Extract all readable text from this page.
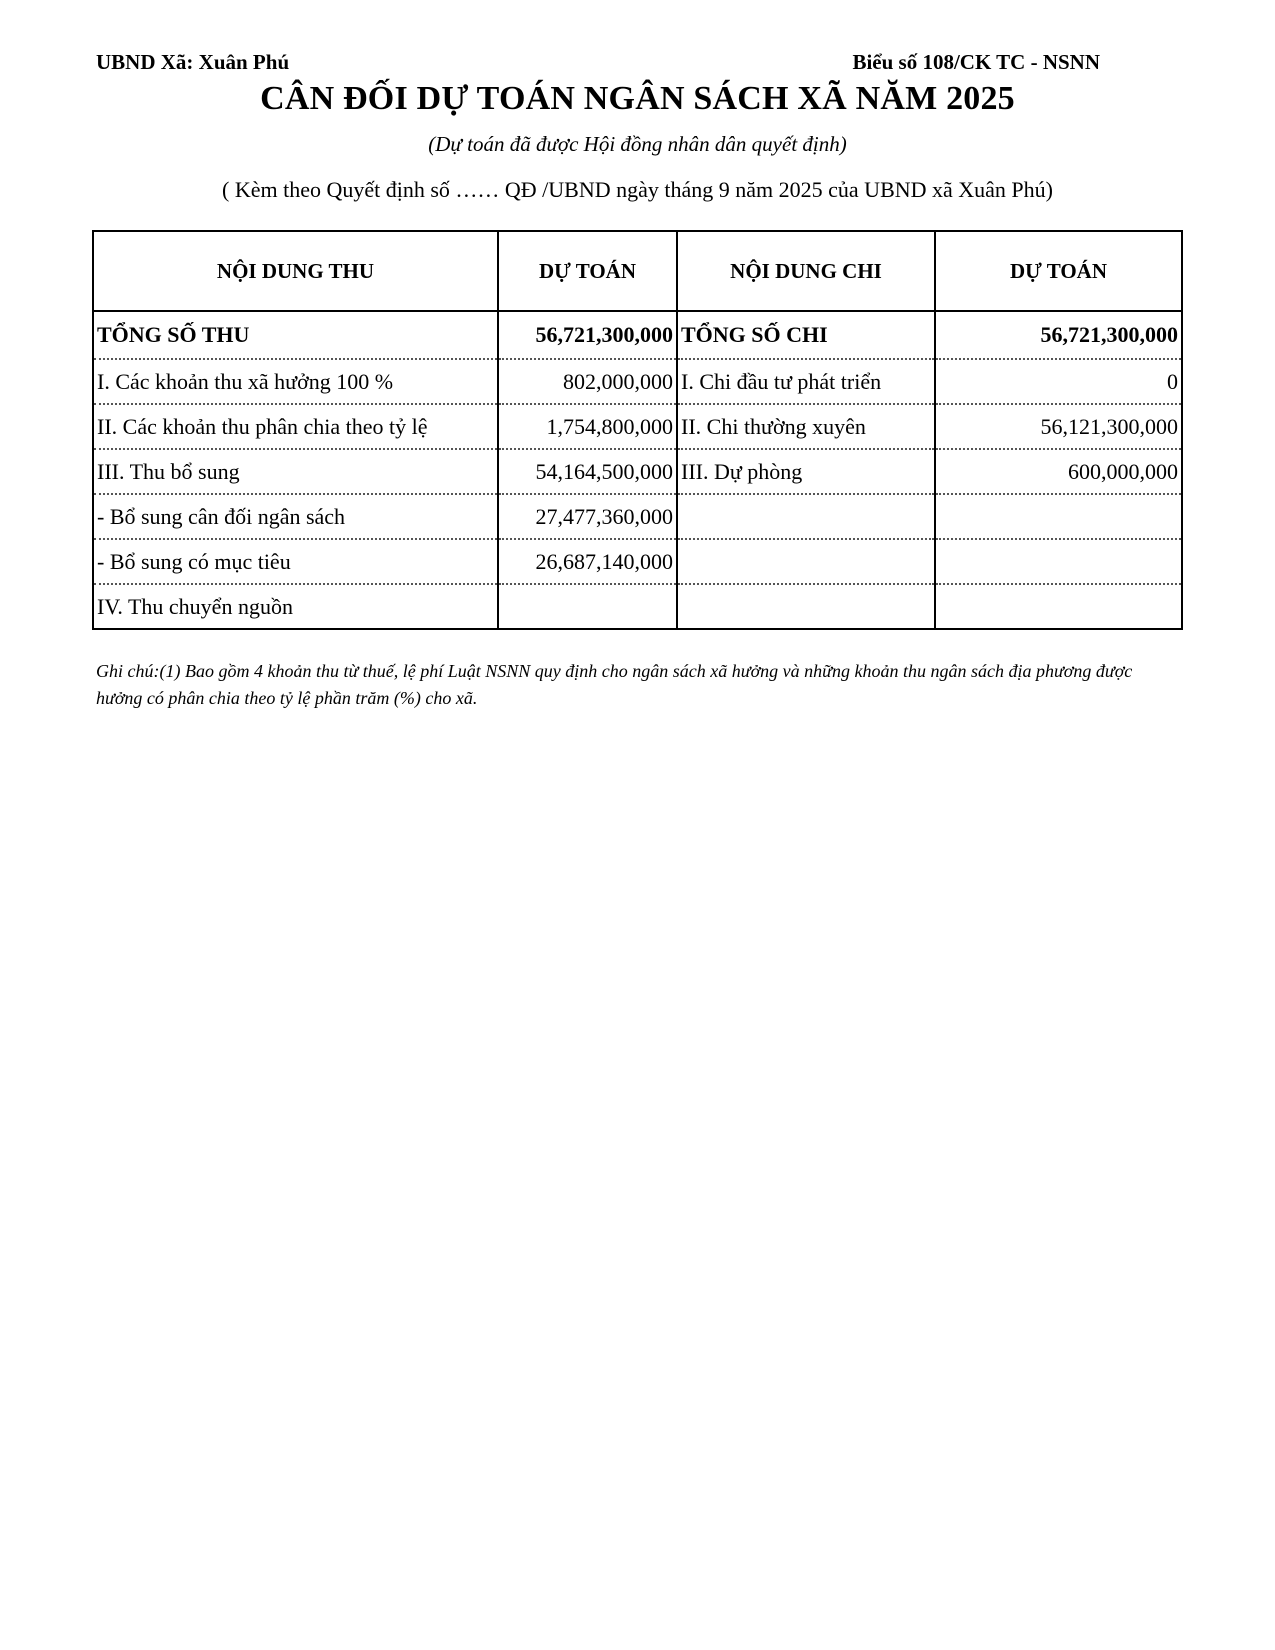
UBND Xã: Xuân Phú	Biểu số 108/CK TC - NSNN
CÂN ĐỐI DỰ TOÁN NGÂN SÁCH XÃ NĂM 2025
(Dự toán đã được Hội đồng nhân dân quyết định)
( Kèm theo Quyết định số …… QĐ /UBND ngày tháng 9 năm 2025 của UBND xã Xuân Phú)
NỘI DUNG THU	DỰ TOÁN	NỘI DUNG CHI	DỰ TOÁN
TỔNG SỐ THU	56,721,300,000	TỔNG SỐ CHI	56,721,300,000
I. Các khoản thu xã hưởng 100 %	802,000,000	I. Chi đầu tư phát triển	0
II. Các khoản thu phân chia theo tỷ lệ	1,754,800,000	II. Chi thường xuyên	56,121,300,000
III. Thu bổ sung	54,164,500,000	III. Dự phòng	600,000,000
- Bổ sung cân đối ngân sách	27,477,360,000		
- Bổ sung có mục tiêu	26,687,140,000		
IV. Thu chuyển nguồn			
Ghi chú:(1) Bao gồm 4 khoản thu từ thuế, lệ phí Luật NSNN quy định cho ngân sách xã hưởng và những khoản thu ngân sách địa phương được hưởng có phân chia theo tỷ lệ phần trăm (%) cho xã.
